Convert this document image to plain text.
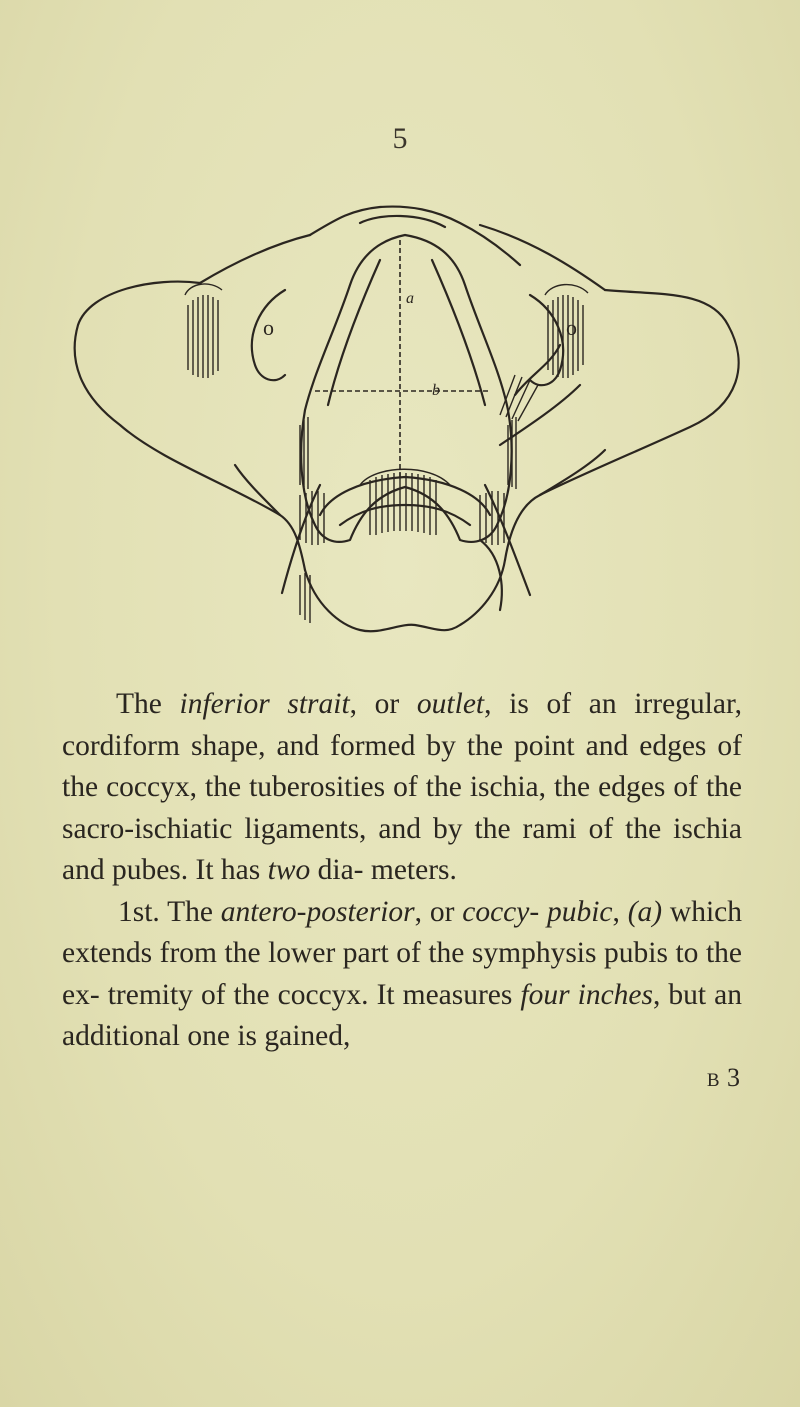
5
a
b
o	o

The inferior strait, or outlet, is of an irregular, cordiform shape, and formed by the point and edges of the coccyx, the tuberosities of the ischia, the edges of the sacro-ischiatic ligaments, and by the rami of the ischia and pubes. It has two dia- meters.

1st. The antero-posterior, or coccy- pubic, (a) which extends from the lower part of the symphysis pubis to the ex- tremity of the coccyx. It measures four inches, but an additional one is gained,

B 3
